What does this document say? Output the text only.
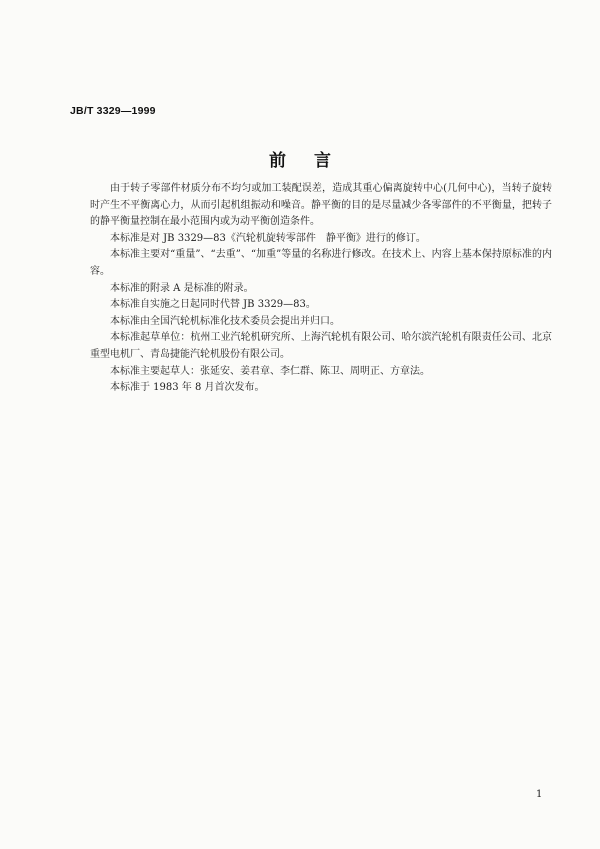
JB/T 3329—1999
前言

由于转子零部件材质分布不均匀或加工装配误差，造成其重心偏离旋转中心(几何中心)，当转子旋转时产生不平衡离心力，从而引起机组振动和噪音。静平衡的目的是尽量减少各零部件的不平衡量，把转子的静平衡量控制在最小范围内或为动平衡创造条件。

本标准是对 JB 3329—83《汽轮机旋转零部件　静平衡》进行的修订。

本标准主要对“重量”、“去重”、“加重”等量的名称进行修改。在技术上、内容上基本保持原标准的内容。

本标准的附录 A 是标准的附录。

本标准自实施之日起同时代替 JB 3329—83。

本标准由全国汽轮机标准化技术委员会提出并归口。

本标准起草单位：杭州工业汽轮机研究所、上海汽轮机有限公司、哈尔滨汽轮机有限责任公司、北京重型电机厂、青岛捷能汽轮机股份有限公司。

本标准主要起草人：张延安、姜君章、李仁群、陈卫、周明正、方章法。

本标准于 1983 年 8 月首次发布。

1
